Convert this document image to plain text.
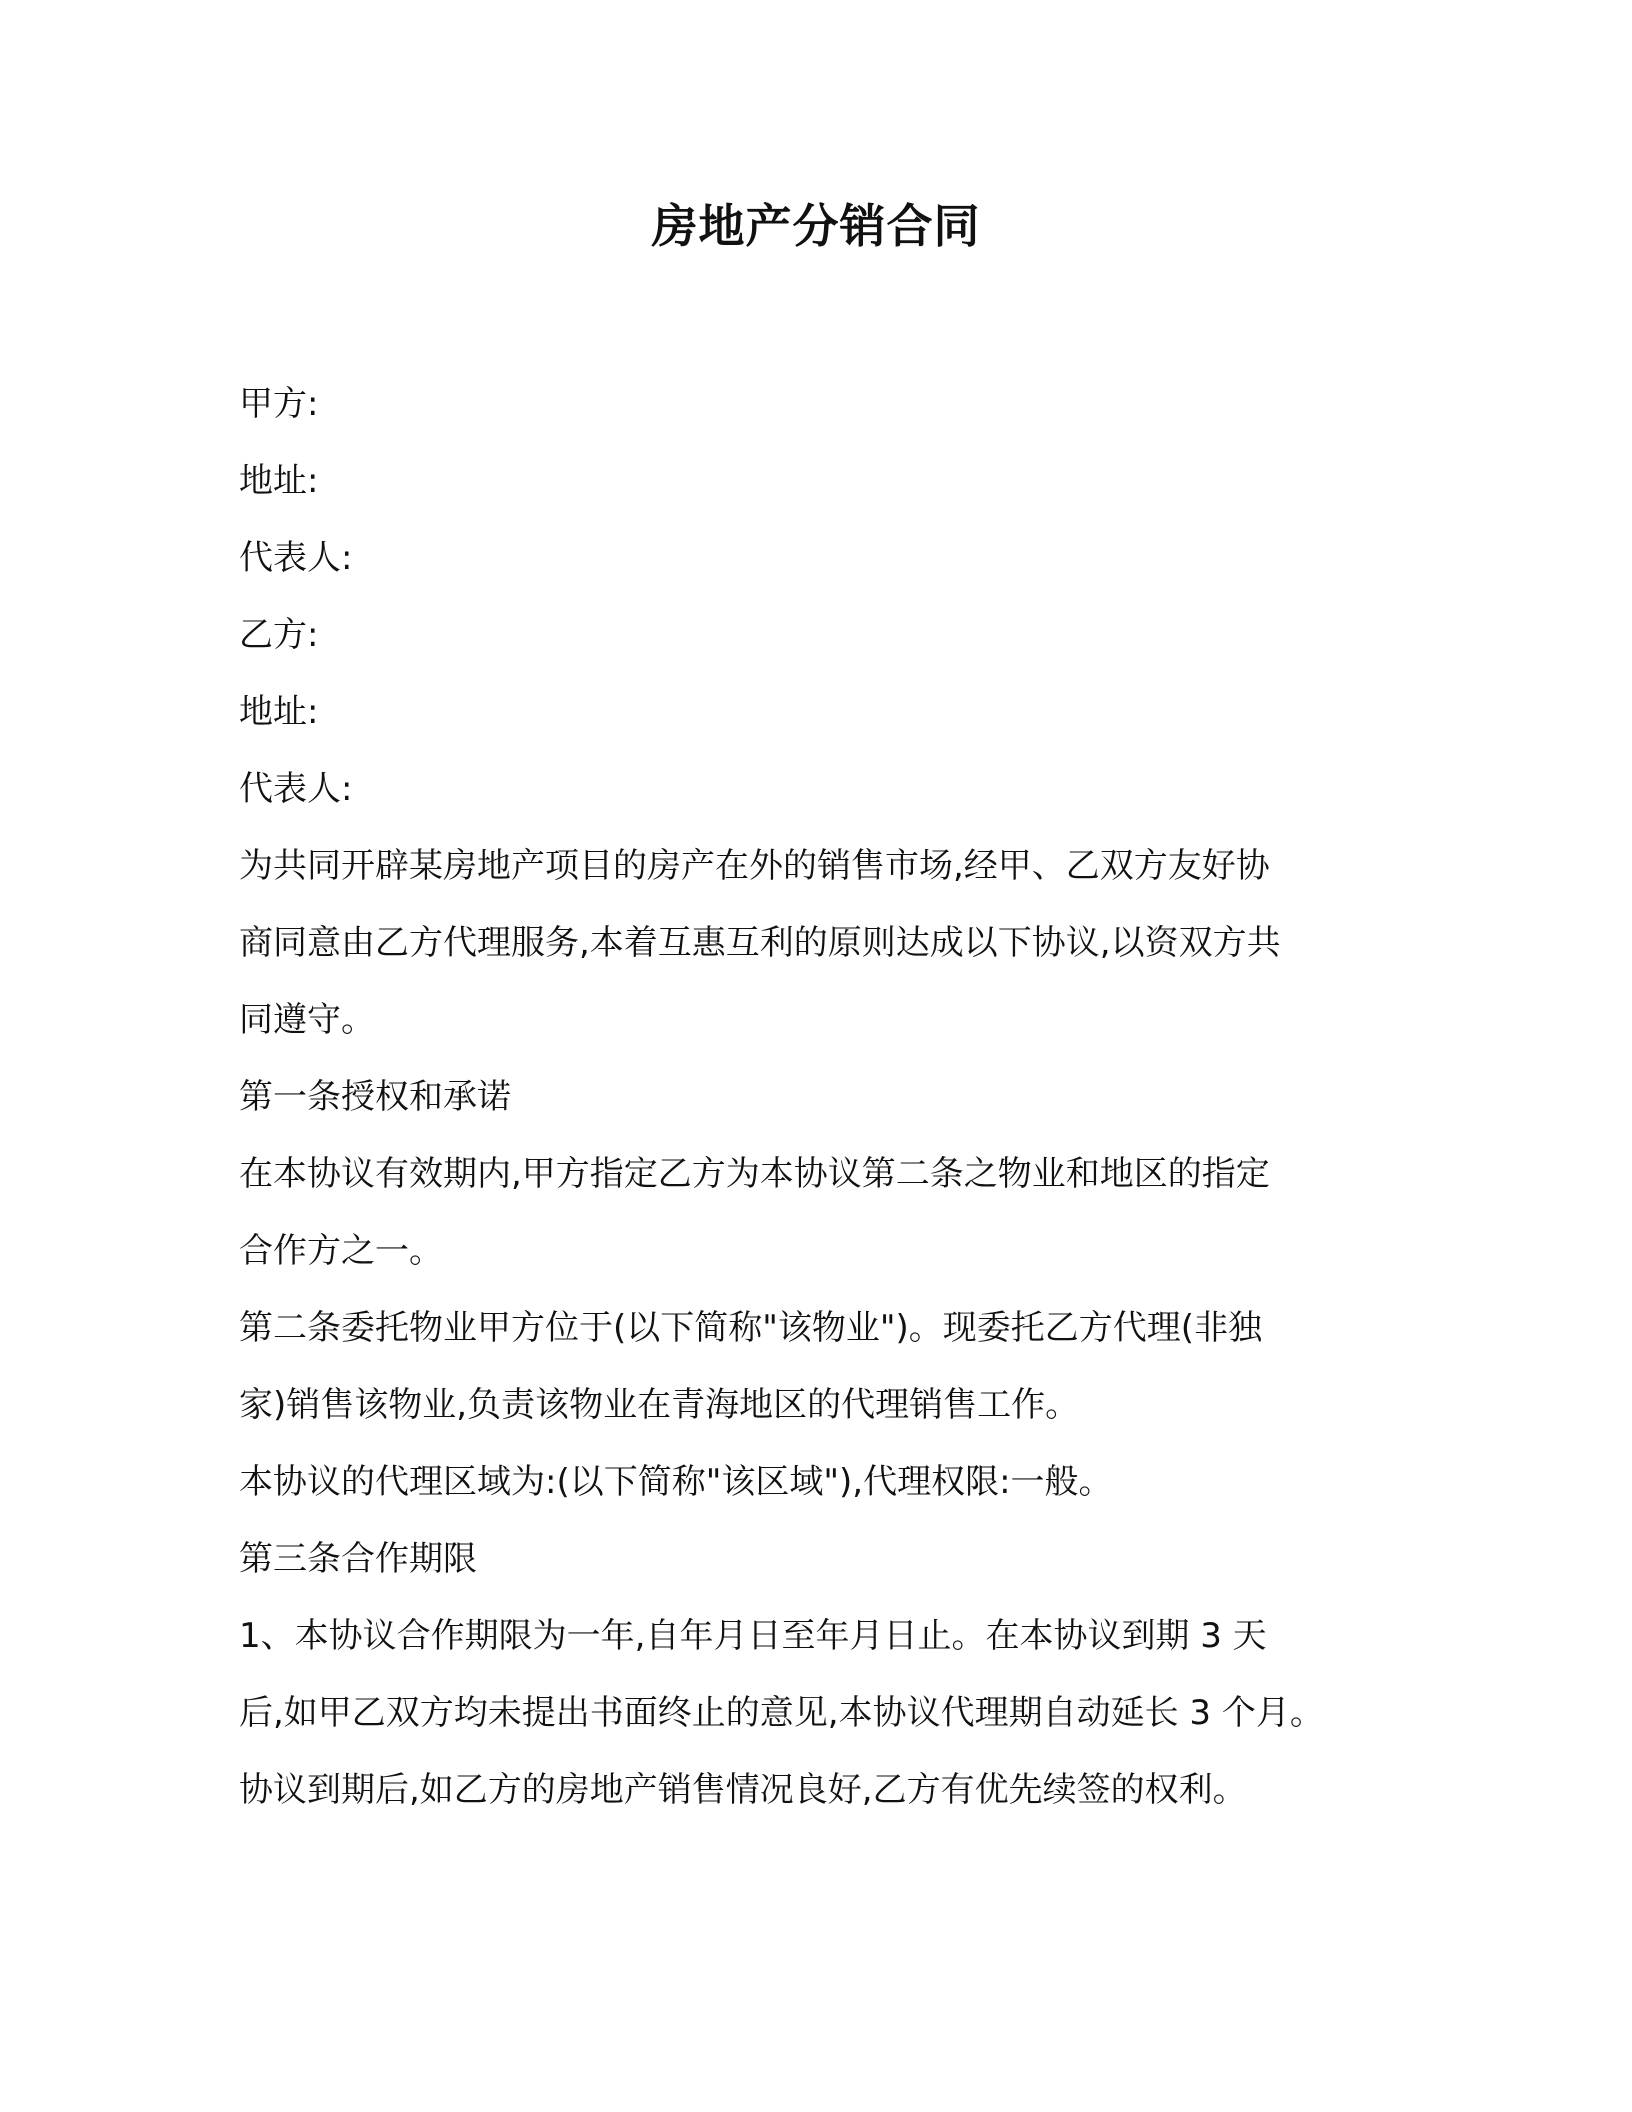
房地产分销合同
甲方:
地址:
代表人:
乙方:
地址:
代表人:
为共同开辟某房地产项目的房产在外的销售市场,经甲、乙双方友好协
商同意由乙方代理服务,本着互惠互利的原则达成以下协议,以资双方共
同遵守。
第一条授权和承诺
在本协议有效期内,甲方指定乙方为本协议第二条之物业和地区的指定
合作方之一。
第二条委托物业甲方位于(以下简称"该物业")。现委托乙方代理(非独
家)销售该物业,负责该物业在青海地区的代理销售工作。
本协议的代理区域为:(以下简称"该区域"),代理权限:一般。
第三条合作期限
1、本协议合作期限为一年,自年月日至年月日止。在本协议到期 3 天
后,如甲乙双方均未提出书面终止的意见,本协议代理期自动延长 3 个月。
协议到期后,如乙方的房地产销售情况良好,乙方有优先续签的权利。
